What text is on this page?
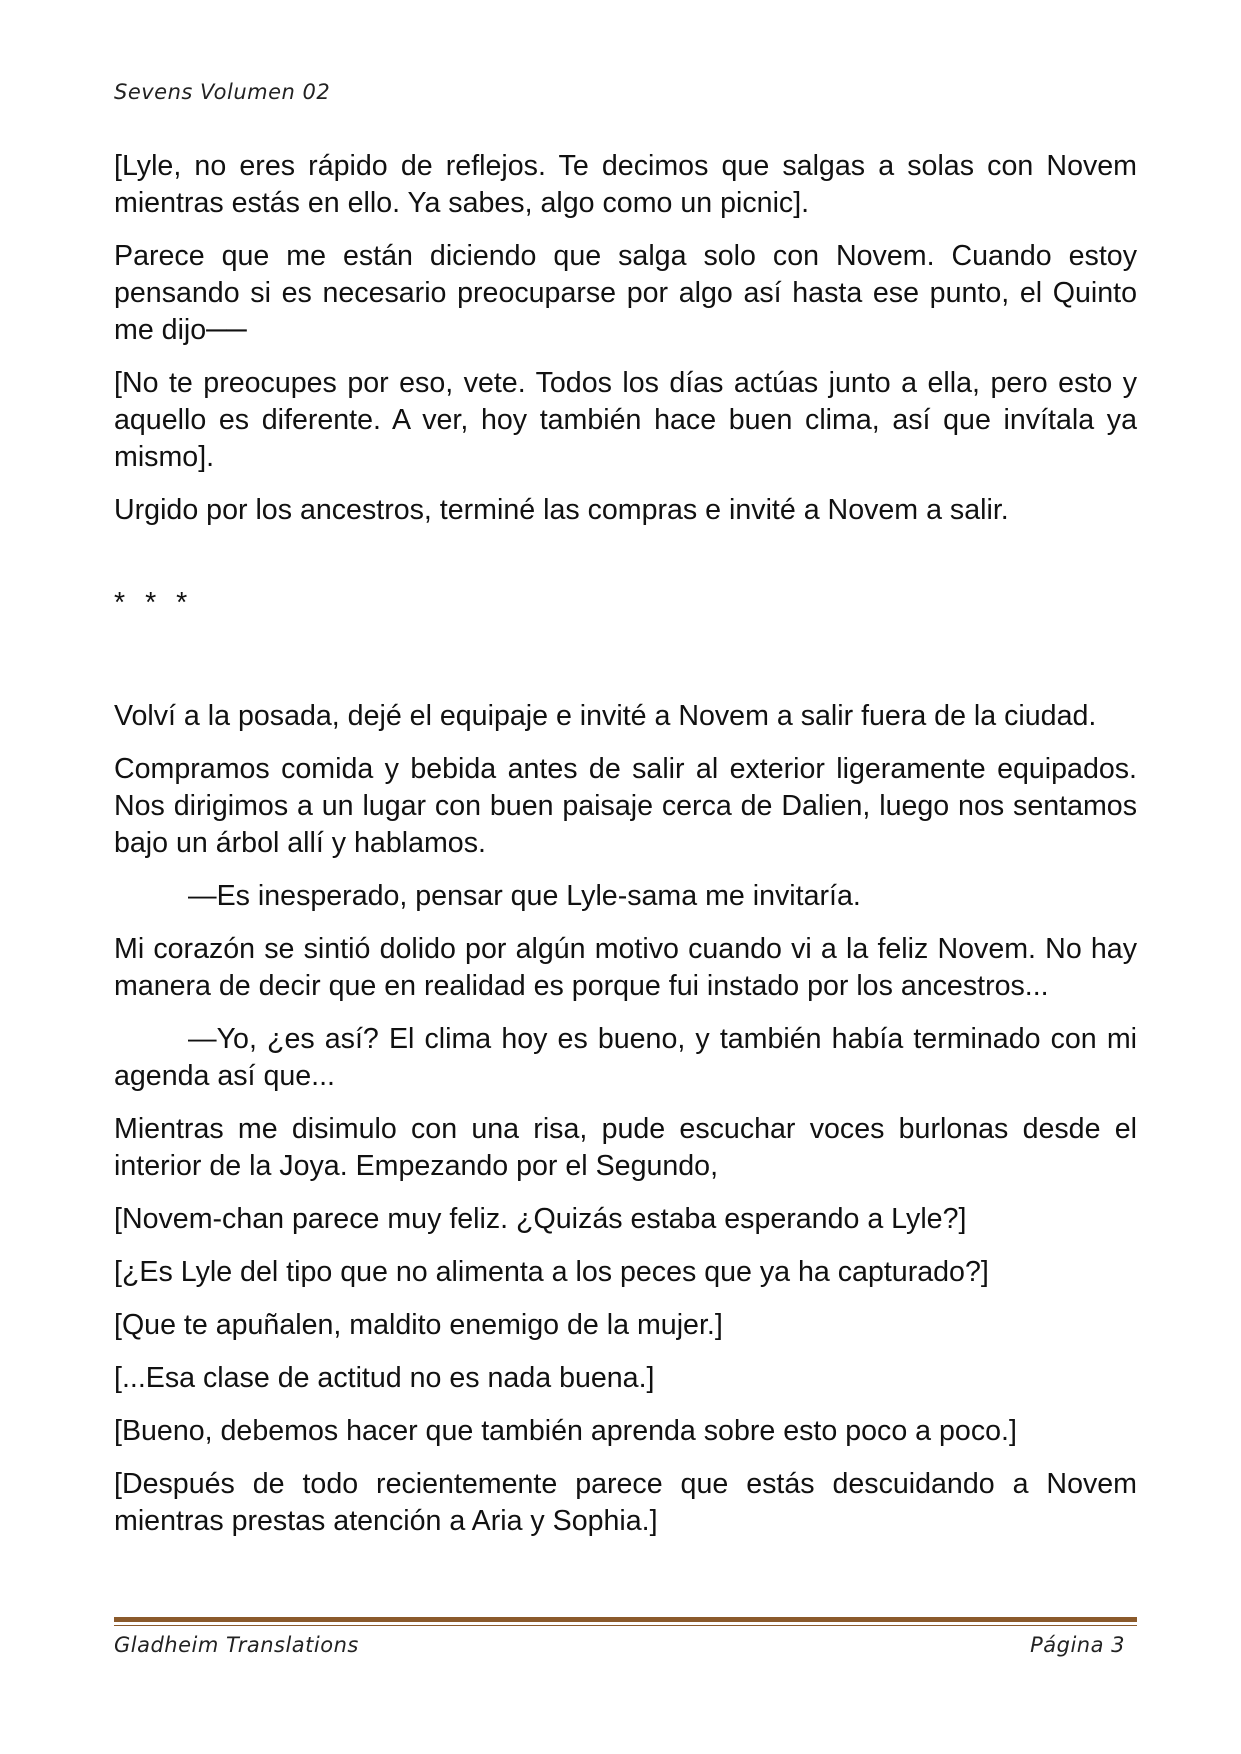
Sevens Volumen 02

[Lyle, no eres rápido de reflejos. Te decimos que salgas a solas con Novem mientras estás en ello. Ya sabes, algo como un picnic].

Parece que me están diciendo que salga solo con Novem. Cuando estoy pensando si es necesario preocuparse por algo así hasta ese punto, el Quinto me dijo──

[No te preocupes por eso, vete. Todos los días actúas junto a ella, pero esto y aquello es diferente. A ver, hoy también hace buen clima, así que invítala ya mismo].

Urgido por los ancestros, terminé las compras e invité a Novem a salir.

* * *

Volví a la posada, dejé el equipaje e invité a Novem a salir fuera de la ciudad.

Compramos comida y bebida antes de salir al exterior ligeramente equipados. Nos dirigimos a un lugar con buen paisaje cerca de Dalien, luego nos sentamos bajo un árbol allí y hablamos.

—Es inesperado, pensar que Lyle-sama me invitaría.

Mi corazón se sintió dolido por algún motivo cuando vi a la feliz Novem. No hay manera de decir que en realidad es porque fui instado por los ancestros...

—Yo, ¿es así? El clima hoy es bueno, y también había terminado con mi agenda así que...

Mientras me disimulo con una risa, pude escuchar voces burlonas desde el interior de la Joya. Empezando por el Segundo,

[Novem-chan parece muy feliz. ¿Quizás estaba esperando a Lyle?]

[¿Es Lyle del tipo que no alimenta a los peces que ya ha capturado?]

[Que te apuñalen, maldito enemigo de la mujer.]

[...Esa clase de actitud no es nada buena.]

[Bueno, debemos hacer que también aprenda sobre esto poco a poco.]

[Después de todo recientemente parece que estás descuidando a Novem mientras prestas atención a Aria y Sophia.]

Gladheim Translations	Página 3
